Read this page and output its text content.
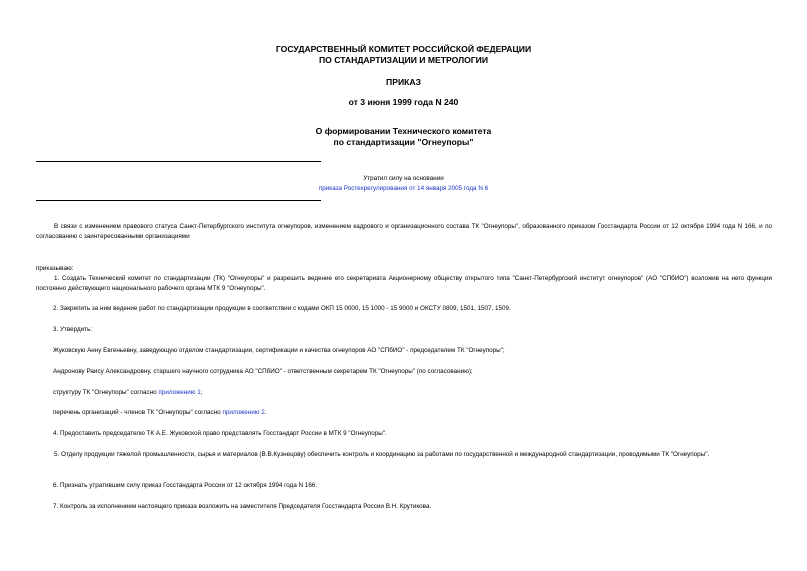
ГОСУДАРСТВЕННЫЙ КОМИТЕТ РОССИЙСКОЙ ФЕДЕРАЦИИ
ПО СТАНДАРТИЗАЦИИ И МЕТРОЛОГИИ
ПРИКАЗ
от 3 июня 1999 года N 240
О формировании Технического комитета
по стандартизации "Огнеупоры"
Утратил силу на основании
приказа Ростехрегулирования от 14 января 2005 года N 6
В связи с изменением правового статуса Санкт-Петербургского института огнеупоров, изменением кадрового и организационного состава ТК "Огнеупоры", образованного приказом Госстандарта России от 12 октября 1994 года N 166, и по согласованию с заинтересованными организациями
приказываю:
1. Создать Технический комитет по стандартизации (ТК) "Огнеупоры" и разрешить ведение его секретариата Акционерному обществу открытого типа "Санкт-Петербургский институт огнеупоров" (АО "СПбИО") возложив на него функции постоянно действующего национального рабочего органа МТК 9 "Огнеупоры".
2. Закрепить за ним ведение работ по стандартизации продукции в соответствии с кодами ОКП 15 0000, 15 1000 - 15 9000 и ОКСТУ 0809, 1501, 1507, 1509.
3. Утвердить:
Жуковскую Анну Евгеньевну, заведующую отделом стандартизации, сертификации и качества огнеупоров АО "СПбИО" - председателем ТК "Огнеупоры";
Андронову Раису Александровну, старшего научного сотрудника АО "СПбИО" - ответственным секретарем ТК "Огнеупоры" (по согласованию);
структуру ТК "Огнеупоры" согласно приложению 1;
перечень организаций - членов ТК "Огнеупоры" согласно приложению 2.
4. Предоставить председателю ТК А.Е. Жуковской право представлять Госстандарт России в МТК 9 "Огнеупоры".
5. Отделу продукции тяжелой промышленности, сырья и материалов (В.В.Кузнецову) обеспечить контроль и координацию за работами по государственной и международной стандартизации, проводимыми ТК "Огнеупоры".
6. Признать утратившим силу приказ Госстандарта России от 12 октября 1994 года N 166.
7. Контроль за исполнением настоящего приказа возложить на заместителя Председателя Госстандарта России В.Н. Крутикова.
